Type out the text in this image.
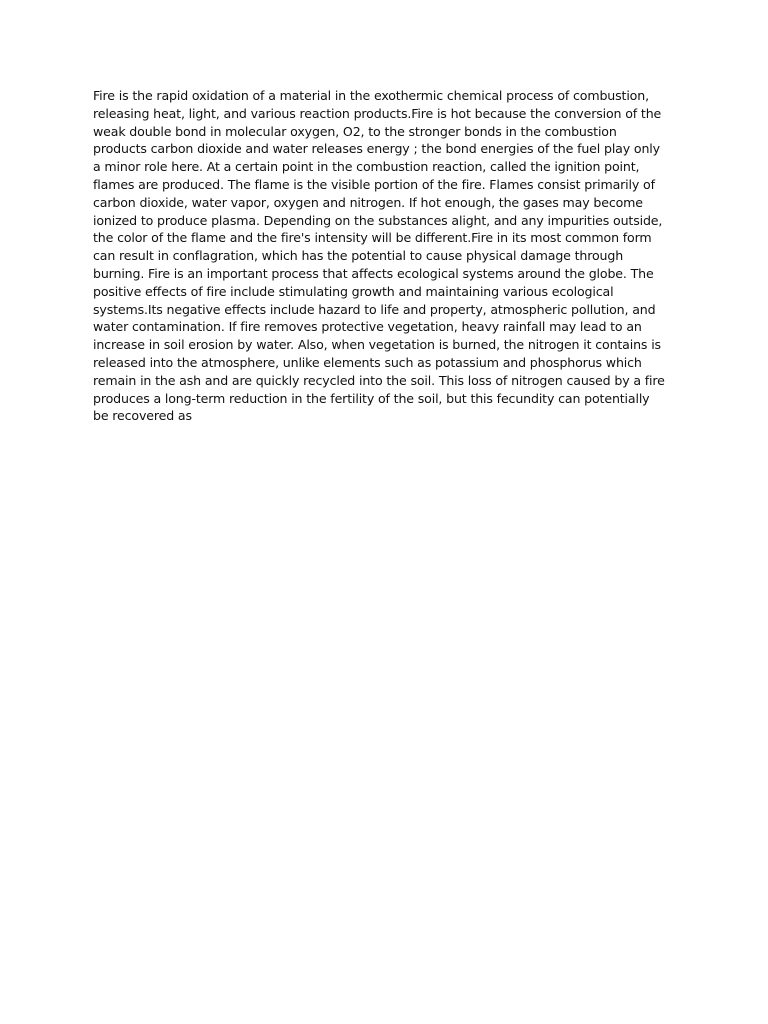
Fire is the rapid oxidation of a material in the exothermic chemical process of combustion,
releasing heat, light, and various reaction products.Fire is hot because the conversion of the
weak double bond in molecular oxygen, O2, to the stronger bonds in the combustion
products carbon dioxide and water releases energy ; the bond energies of the fuel play only
a minor role here. At a certain point in the combustion reaction, called the ignition point,
flames are produced. The flame is the visible portion of the fire. Flames consist primarily of
carbon dioxide, water vapor, oxygen and nitrogen. If hot enough, the gases may become
ionized to produce plasma. Depending on the substances alight, and any impurities outside,
the color of the flame and the fire's intensity will be different.Fire in its most common form
can result in conflagration, which has the potential to cause physical damage through
burning. Fire is an important process that affects ecological systems around the globe. The
positive effects of fire include stimulating growth and maintaining various ecological
systems.Its negative effects include hazard to life and property, atmospheric pollution, and
water contamination. If fire removes protective vegetation, heavy rainfall may lead to an
increase in soil erosion by water. Also, when vegetation is burned, the nitrogen it contains is
released into the atmosphere, unlike elements such as potassium and phosphorus which
remain in the ash and are quickly recycled into the soil. This loss of nitrogen caused by a fire
produces a long-term reduction in the fertility of the soil, but this fecundity can potentially
be recovered as
